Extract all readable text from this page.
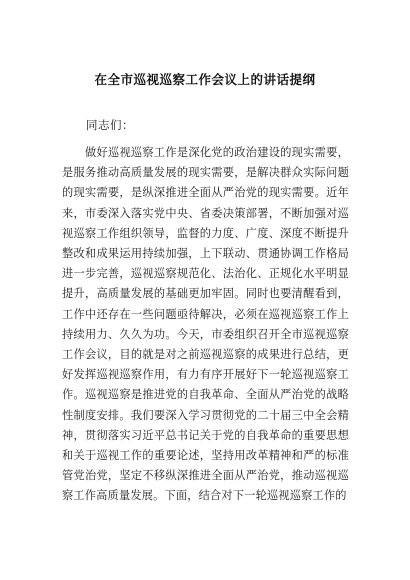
在全市巡视巡察工作会议上的讲话提纲
同志们：

做好巡视巡察工作是深化党的政治建设的现实需要，是服务推动高质量发展的现实需要，是解决群众实际问题的现实需要，是纵深推进全面从严治党的现实需要。近年来，市委深入落实党中央、省委决策部署，不断加强对巡视巡察工作组织领导，监督的力度、广度、深度不断提升整改和成果运用持续加强，上下联动、贯通协调工作格局进一步完善，巡视巡察规范化、法治化、正规化水平明显提升，高质量发展的基础更加牢固。同时也要清醒看到，工作中还存在一些问题亟待解决，必须在巡视巡察工作上持续用力、久久为功。今天，市委组织召开全市巡视巡察工作会议，目的就是对之前巡视巡察的成果进行总结，更好发挥巡视巡察作用，有力有序开展好下一轮巡视巡察工作。巡视巡察是推进党的自我革命、全面从严治党的战略性制度安排。我们要深入学习贯彻党的二十届三中全会精神，贯彻落实习近平总书记关于党的自我革命的重要思想和关于巡视工作的重要论述，坚持用改革精神和严的标准管党治党，坚定不移纵深推进全面从严治党，推动巡视巡察工作高质量发展。下面，结合对下一轮巡视巡察工作的
